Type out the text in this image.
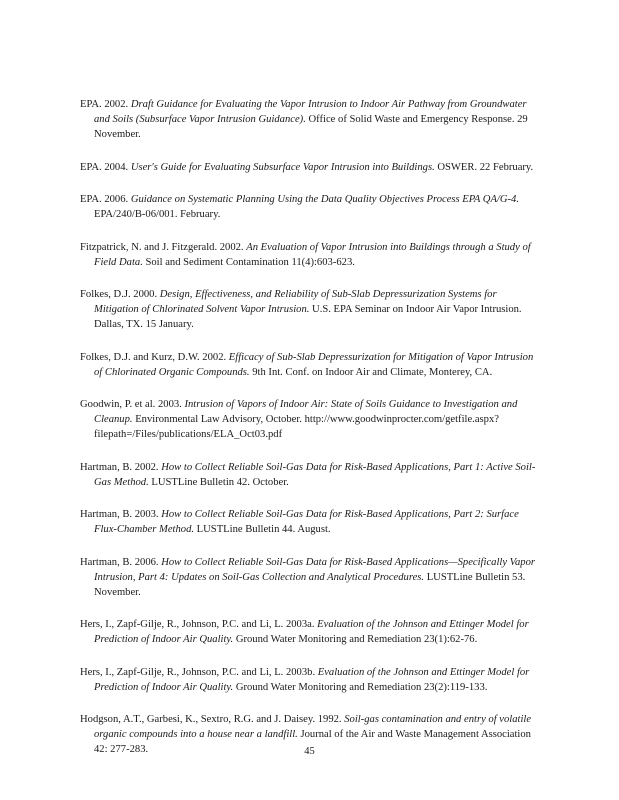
EPA. 2002. Draft Guidance for Evaluating the Vapor Intrusion to Indoor Air Pathway from Groundwater and Soils (Subsurface Vapor Intrusion Guidance). Office of Solid Waste and Emergency Response. 29 November.

EPA. 2004. User's Guide for Evaluating Subsurface Vapor Intrusion into Buildings. OSWER. 22 February.

EPA. 2006. Guidance on Systematic Planning Using the Data Quality Objectives Process EPA QA/G-4. EPA/240/B-06/001. February.

Fitzpatrick, N. and J. Fitzgerald. 2002. An Evaluation of Vapor Intrusion into Buildings through a Study of Field Data. Soil and Sediment Contamination 11(4):603-623.

Folkes, D.J. 2000. Design, Effectiveness, and Reliability of Sub-Slab Depressurization Systems for Mitigation of Chlorinated Solvent Vapor Intrusion. U.S. EPA Seminar on Indoor Air Vapor Intrusion. Dallas, TX. 15 January.

Folkes, D.J. and Kurz, D.W. 2002. Efficacy of Sub-Slab Depressurization for Mitigation of Vapor Intrusion of Chlorinated Organic Compounds. 9th Int. Conf. on Indoor Air and Climate, Monterey, CA.

Goodwin, P. et al. 2003. Intrusion of Vapors of Indoor Air: State of Soils Guidance to Investigation and Cleanup. Environmental Law Advisory, October. http://www.goodwinprocter.com/getfile.aspx?filepath=/Files/publications/ELA_Oct03.pdf

Hartman, B. 2002. How to Collect Reliable Soil-Gas Data for Risk-Based Applications, Part 1: Active Soil-Gas Method. LUSTLine Bulletin 42. October.

Hartman, B. 2003. How to Collect Reliable Soil-Gas Data for Risk-Based Applications, Part 2: Surface Flux-Chamber Method. LUSTLine Bulletin 44. August.

Hartman, B. 2006. How to Collect Reliable Soil-Gas Data for Risk-Based Applications—Specifically Vapor Intrusion, Part 4: Updates on Soil-Gas Collection and Analytical Procedures. LUSTLine Bulletin 53. November.

Hers, I., Zapf-Gilje, R., Johnson, P.C. and Li, L. 2003a. Evaluation of the Johnson and Ettinger Model for Prediction of Indoor Air Quality. Ground Water Monitoring and Remediation 23(1):62-76.

Hers, I., Zapf-Gilje, R., Johnson, P.C. and Li, L. 2003b. Evaluation of the Johnson and Ettinger Model for Prediction of Indoor Air Quality. Ground Water Monitoring and Remediation 23(2):119-133.

Hodgson, A.T., Garbesi, K., Sextro, R.G. and J. Daisey. 1992. Soil-gas contamination and entry of volatile organic compounds into a house near a landfill. Journal of the Air and Waste Management Association 42: 277-283.	45
